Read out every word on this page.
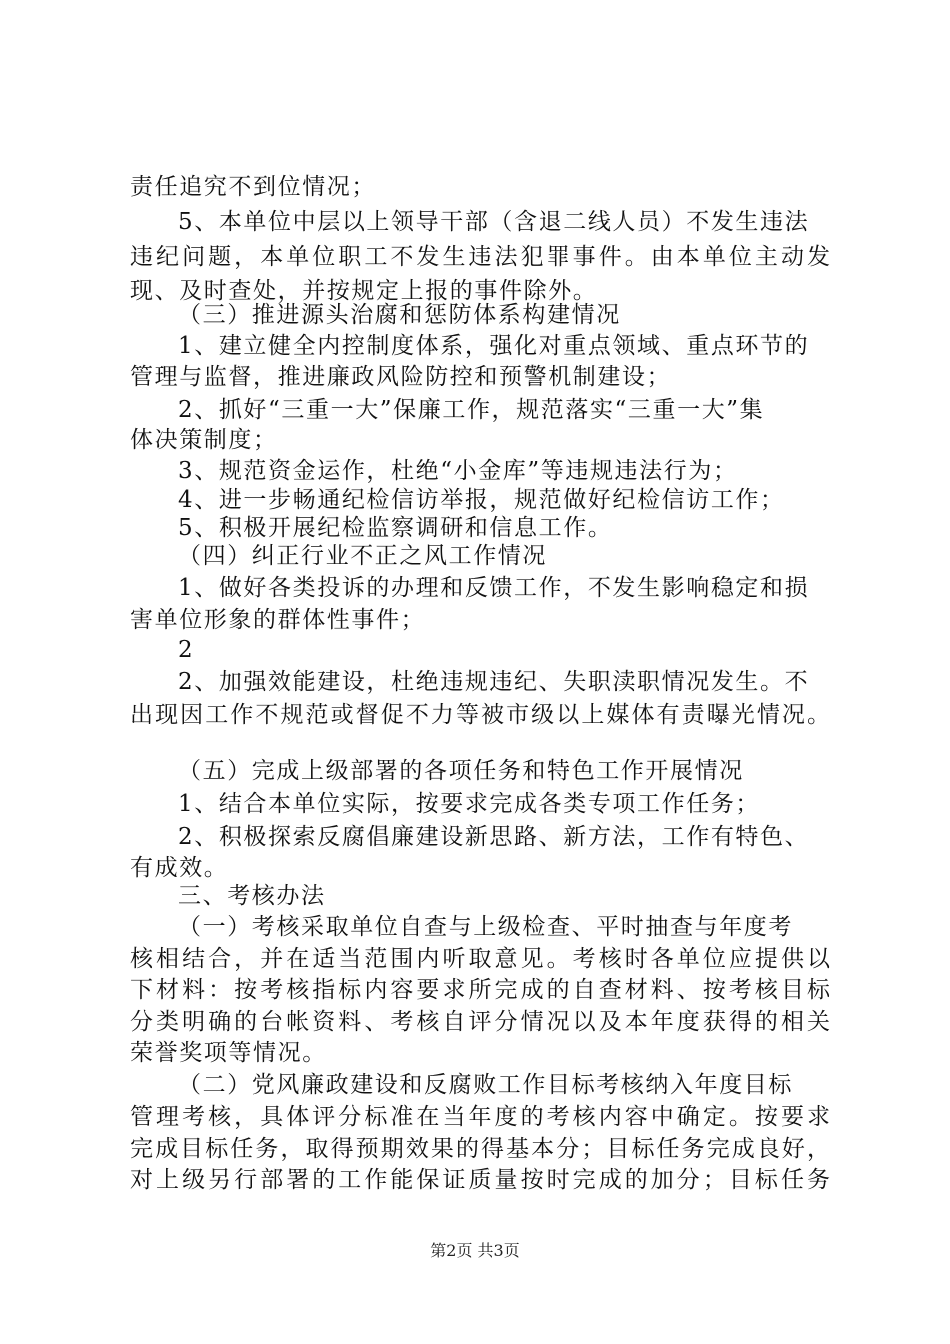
责任追究不到位情况；
5、本单位中层以上领导干部（含退二线人员）不发生违法
违纪问题，本单位职工不发生违法犯罪事件。由本单位主动发
现、及时查处，并按规定上报的事件除外。
（三）推进源头治腐和惩防体系构建情况
1、建立健全内控制度体系，强化对重点领域、重点环节的
管理与监督，推进廉政风险防控和预警机制建设；
2、抓好“三重一大”保廉工作，规范落实“三重一大”集
体决策制度；
3、规范资金运作，杜绝“小金库”等违规违法行为；
4、进一步畅通纪检信访举报，规范做好纪检信访工作；
5、积极开展纪检监察调研和信息工作。
（四）纠正行业不正之风工作情况
1、做好各类投诉的办理和反馈工作，不发生影响稳定和损
害单位形象的群体性事件；
2
2、加强效能建设，杜绝违规违纪、失职渎职情况发生。不
出现因工作不规范或督促不力等被市级以上媒体有责曝光情况。
（五）完成上级部署的各项任务和特色工作开展情况
1、结合本单位实际，按要求完成各类专项工作任务；
2、积极探索反腐倡廉建设新思路、新方法，工作有特色、
有成效。
三、考核办法
（一）考核采取单位自查与上级检查、平时抽查与年度考
核相结合，并在适当范围内听取意见。考核时各单位应提供以
下材料：按考核指标内容要求所完成的自查材料、按考核目标
分类明确的台帐资料、考核自评分情况以及本年度获得的相关
荣誉奖项等情况。
（二）党风廉政建设和反腐败工作目标考核纳入年度目标
管理考核，具体评分标准在当年度的考核内容中确定。按要求
完成目标任务，取得预期效果的得基本分；目标任务完成良好，
对上级另行部署的工作能保证质量按时完成的加分；目标任务
第2页 共3页
